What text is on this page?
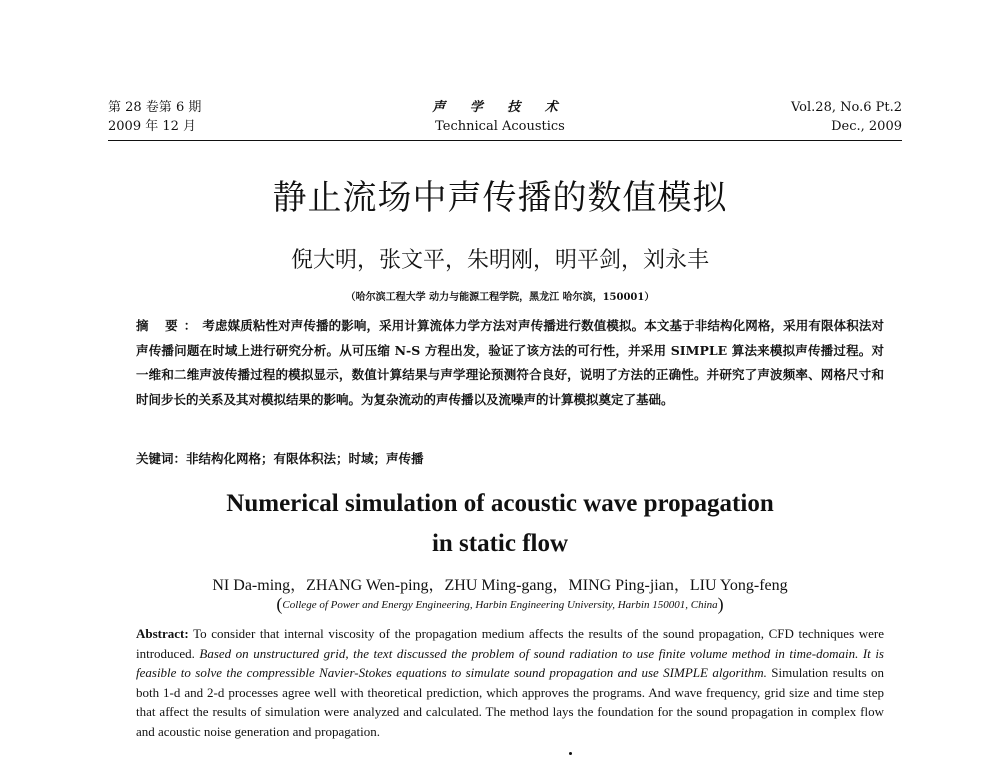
第 28 卷第 6 期
2009 年 12 月
声 学 技 术
Technical Acoustics
Vol.28, No.6 Pt.2
Dec., 2009
静止流场中声传播的数值模拟
倪大明，张文平，朱明刚，明平剑，刘永丰
（哈尔滨工程大学 动力与能源工程学院，黑龙江 哈尔滨，150001）
摘 要：考虑媒质粘性对声传播的影响，采用计算流体力学方法对声传播进行数值模拟。本文基于非结构化网格，采用有限体积法对声传播问题在时域上进行研究分析。从可压缩 N-S 方程出发，验证了该方法的可行性，并采用 SIMPLE 算法来模拟声传播过程。对一维和二维声波传播过程的模拟显示，数值计算结果与声学理论预测符合良好，说明了方法的正确性。并研究了声波频率、网格尺寸和时间步长的关系及其对模拟结果的影响。为复杂流动的声传播以及流噪声的计算模拟奠定了基础。
关键词：非结构化网格；有限体积法；时域；声传播
Numerical simulation of acoustic wave propagation
in static flow
NI Da-ming，ZHANG Wen-ping，ZHU Ming-gang，MING Ping-jian，LIU Yong-feng
(College of Power and Energy Engineering, Harbin Engineering University, Harbin 150001, China)
Abstract: To consider that internal viscosity of the propagation medium affects the results of the sound propagation, CFD techniques were introduced. Based on unstructured grid, the text discussed the problem of sound radiation to use finite volume method in time-domain. It is feasible to solve the compressible Navier-Stokes equations to simulate sound propagation and use SIMPLE algorithm. Simulation results on both 1-d and 2-d processes agree well with theoretical prediction, which approves the programs. And wave frequency, grid size and time step that affect the results of simulation were analyzed and calculated. The method lays the foundation for the sound propagation in complex flow and acoustic noise generation and propagation.
